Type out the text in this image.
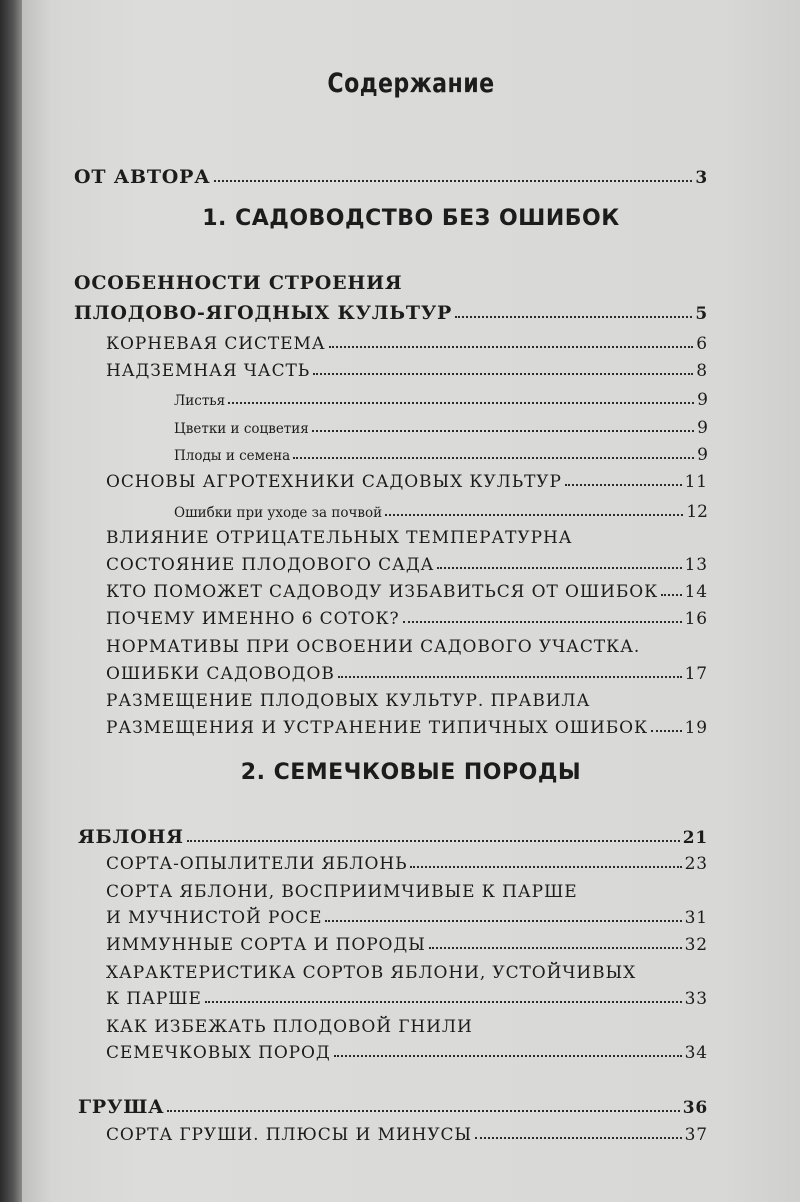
Содержание
ОТ АВТОРА	3
1. САДОВОДСТВО БЕЗ ОШИБОК
ОСОБЕННОСТИ СТРОЕНИЯ
ПЛОДОВО-ЯГОДНЫХ КУЛЬТУР	5
КОРНЕВАЯ СИСТЕМА	6
НАДЗЕМНАЯ ЧАСТЬ	8
Листья	9
Цветки и соцветия	9
Плоды и семена	9
ОСНОВЫ АГРОТЕХНИКИ САДОВЫХ КУЛЬТУР	11
Ошибки при уходе за почвой	12
ВЛИЯНИЕ ОТРИЦАТЕЛЬНЫХ ТЕМПЕРАТУРНА
СОСТОЯНИЕ ПЛОДОВОГО САДА	13
КТО ПОМОЖЕТ САДОВОДУ ИЗБАВИТЬСЯ ОТ ОШИБОК 14
ПОЧЕМУ ИМЕННО 6 СОТОК?	16
НОРМАТИВЫ ПРИ ОСВОЕНИИ САДОВОГО УЧАСТКА.
ОШИБКИ САДОВОДОВ	17
РАЗМЕЩЕНИЕ ПЛОДОВЫХ КУЛЬТУР. ПРАВИЛА
РАЗМЕЩЕНИЯ И УСТРАНЕНИЕ ТИПИЧНЫХ ОШИБОК 19
2. СЕМЕЧКОВЫЕ ПОРОДЫ
ЯБЛОНЯ	21
СОРТА-ОПЫЛИТЕЛИ ЯБЛОНЬ	23
СОРТА ЯБЛОНИ, ВОСПРИИМЧИВЫЕ К ПАРШЕ
И МУЧНИСТОЙ РОСЕ	31
ИММУННЫЕ СОРТА И ПОРОДЫ	32
ХАРАКТЕРИСТИКА СОРТОВ ЯБЛОНИ, УСТОЙЧИВЫХ
К ПАРШЕ	33
КАК ИЗБЕЖАТЬ ПЛОДОВОЙ ГНИЛИ
СЕМЕЧКОВЫХ ПОРОД	34
ГРУША	36
СОРТА ГРУШИ. ПЛЮСЫ И МИНУСЫ	37
